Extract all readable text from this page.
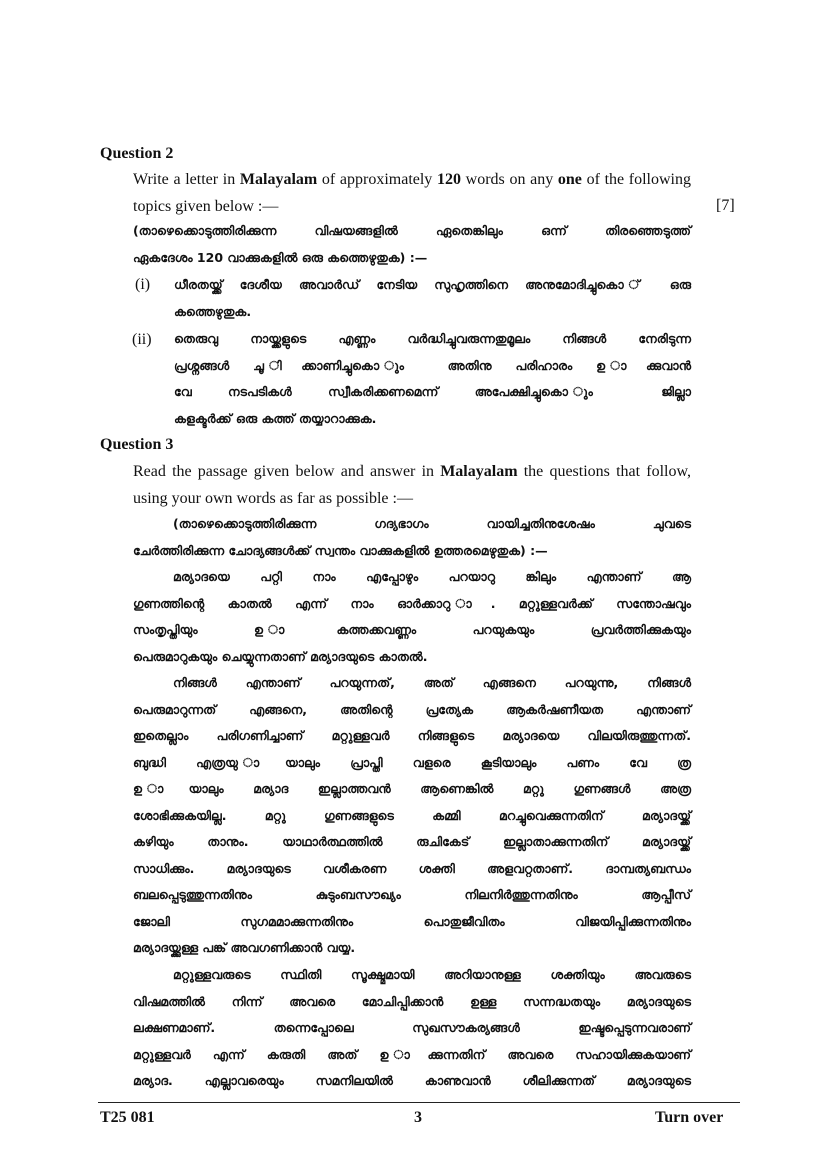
Question 2

Write a letter in Malayalam of approximately 120 words on any one of the following topics given below :—	[7]

(താഴെക്കൊടുത്തിരിക്കുന്ന വിഷയങ്ങളിൽ ഏതെങ്കിലും ഒന്ന് തിരഞ്ഞെടുത്ത്

ഏകദേശം 120 വാക്കുകളിൽ ഒരു കത്തെഴുതുക) :—

(i) ധീരതയ്ക്ക് ദേശീയ അവാർഡ് നേടിയ സുഹൃത്തിനെ അനുമോദിച്ചുകൊ ് ഒരു

കത്തെഴുതുക.

(ii) തെരുവു നായ്ക്കളുടെ എണ്ണം വർദ്ധിച്ചുവരുന്നതുമൂലം നിങ്ങൾ നേരിടുന്ന

പ്രശ്നങ്ങൾ ചൂ ിക്കാണിച്ചുകൊ ും അതിനു പരിഹാരം ഉ ാക്കുവാൻ

വേ നടപടികൾ സ്വീകരിക്കണമെന്ന് അപേക്ഷിച്ചുകൊ ും ജില്ലാ

കളക്ടർക്ക് ഒരു കത്ത് തയ്യാറാക്കുക.

Question 3

Read the passage given below and answer in Malayalam the questions that follow, using your own words as far as possible :—

(താഴെക്കൊടുത്തിരിക്കുന്ന ഗദ്യഭാഗം വായിച്ചതിനുശേഷം ചുവടെ

ചേർത്തിരിക്കുന്ന ചോദ്യങ്ങൾക്ക് സ്വന്തം വാക്കുകളിൽ ഉത്തരമെഴുതുക) :—

മര്യാദയെ പറ്റി നാം എപ്പോഴും പറയാറു ങ്കിലും എന്താണ് ആ

ഗുണത്തിന്റെ കാതൽ എന്ന് നാം ഓർക്കാറു ാ. മറ്റുള്ളവർക്ക് സന്തോഷവും

സംതൃപ്തിയും ഉ ാകത്തക്കവണ്ണം പറയുകയും പ്രവർത്തിക്കുകയും

പെരുമാറുകയും ചെയ്യുന്നതാണ് മര്യാദയുടെ കാതൽ.

നിങ്ങൾ എന്താണ് പറയുന്നത്, അത് എങ്ങനെ പറയുന്നു, നിങ്ങൾ

പെരുമാറുന്നത് എങ്ങനെ, അതിന്റെ പ്രത്യേക ആകർഷണീയത എന്താണ്

ഇതെല്ലാം പരിഗണിച്ചാണ് മറ്റുള്ളവർ നിങ്ങളുടെ മര്യാദയെ വിലയിരുത്തുന്നത്.

ബുദ്ധി എത്രയു ായാലും പ്രാപ്തി വളരെ കൂടിയാലും പണം വേ ത്ര

ഉ ായാലും മര്യാദ ഇല്ലാത്തവൻ ആണെങ്കിൽ മറ്റു ഗുണങ്ങൾ അത്ര

ശോഭിക്കുകയില്ല. മറ്റു ഗുണങ്ങളുടെ കമ്മി മറച്ചുവെക്കുന്നതിന് മര്യാദയ്ക്ക്

കഴിയും താനും. യാഥാർത്ഥത്തിൽ രുചികേട് ഇല്ലാതാക്കുന്നതിന് മര്യാദയ്ക്ക്

സാധിക്കും. മര്യാദയുടെ വശീകരണ ശക്തി അളവറ്റതാണ്. ദാമ്പത്യബന്ധം

ബലപ്പെടുത്തുന്നതിനും കുടുംബസൗഖ്യം നിലനിർത്തുന്നതിനും ആപ്പീസ്

ജോലി സുഗമമാക്കുന്നതിനും പൊതുജീവിതം വിജയിപ്പിക്കുന്നതിനും

മര്യാദയ്ക്കുള്ള പങ്ക് അവഗണിക്കാൻ വയ്യ.

മറ്റുള്ളവരുടെ സ്ഥിതി സൂക്ഷ്മമായി അറിയാനുള്ള ശക്തിയും അവരുടെ

വിഷമത്തിൽ നിന്ന് അവരെ മോചിപ്പിക്കാൻ ഉള്ള സന്നദ്ധതയും മര്യാദയുടെ

ലക്ഷണമാണ്. തന്നെപ്പോലെ സുഖസൗകര്യങ്ങൾ ഇഷ്ടപ്പെടുന്നവരാണ്

മറ്റുള്ളവർ എന്ന് കരുതി അത് ഉ ാക്കുന്നതിന് അവരെ സഹായിക്കുകയാണ്

മര്യാദ. എല്ലാവരെയും സമനിലയിൽ കാണുവാൻ ശീലിക്കുന്നത് മര്യാദയുടെ

T25 081	3	Turn over
